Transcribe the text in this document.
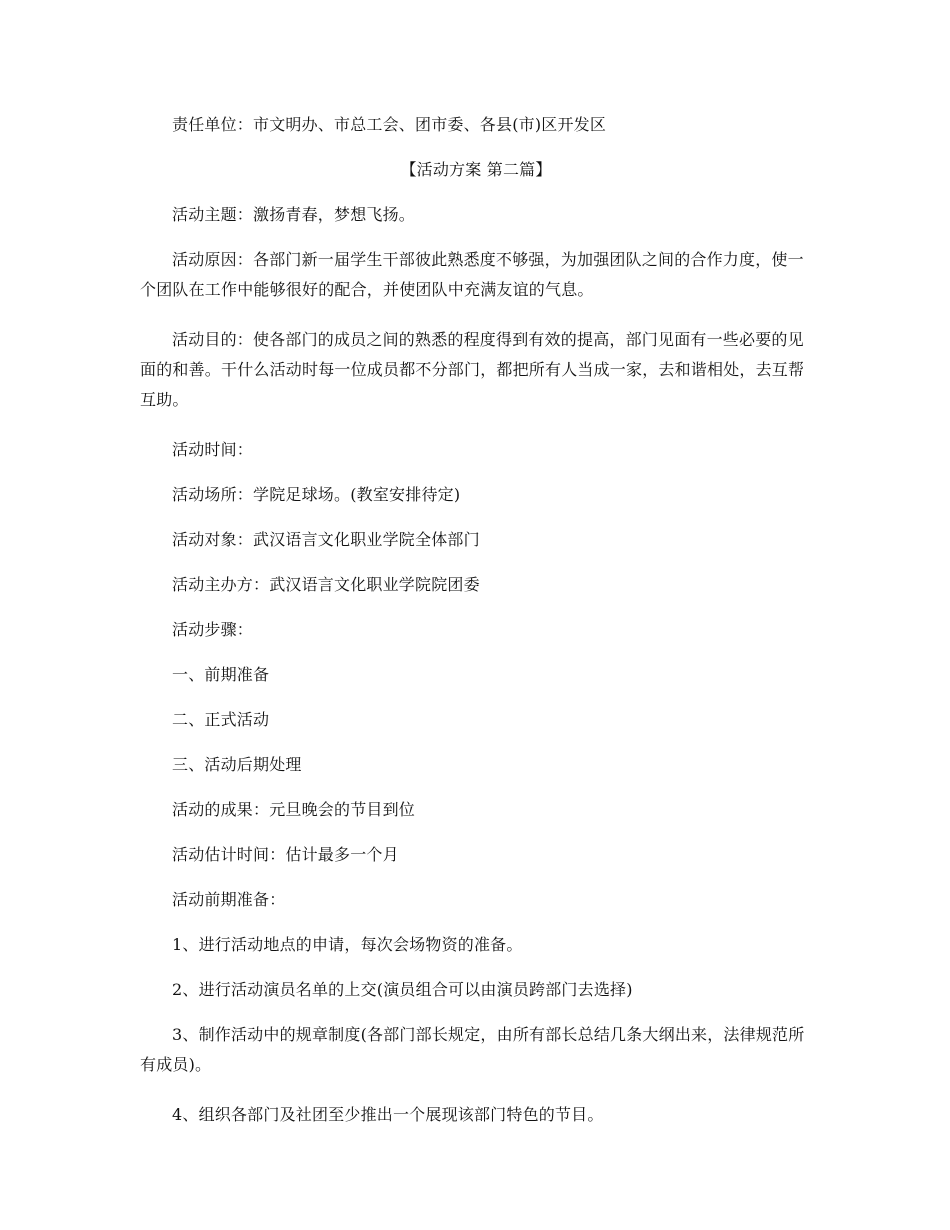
责任单位：市文明办、市总工会、团市委、各县(市)区开发区

【活动方案 第二篇】

活动主题：激扬青春，梦想飞扬。

活动原因：各部门新一届学生干部彼此熟悉度不够强，为加强团队之间的合作力度，使一个团队在工作中能够很好的配合，并使团队中充满友谊的气息。

活动目的：使各部门的成员之间的熟悉的程度得到有效的提高，部门见面有一些必要的见面的和善。干什么活动时每一位成员都不分部门，都把所有人当成一家，去和谐相处，去互帮互助。

活动时间：

活动场所：学院足球场。(教室安排待定)

活动对象：武汉语言文化职业学院全体部门

活动主办方：武汉语言文化职业学院院团委

活动步骤：

一、前期准备

二、正式活动

三、活动后期处理

活动的成果：元旦晚会的节目到位

活动估计时间：估计最多一个月

活动前期准备：

1、进行活动地点的申请，每次会场物资的准备。

2、进行活动演员名单的上交(演员组合可以由演员跨部门去选择)

3、制作活动中的规章制度(各部门部长规定，由所有部长总结几条大纲出来，法律规范所有成员)。

4、组织各部门及社团至少推出一个展现该部门特色的节目。
